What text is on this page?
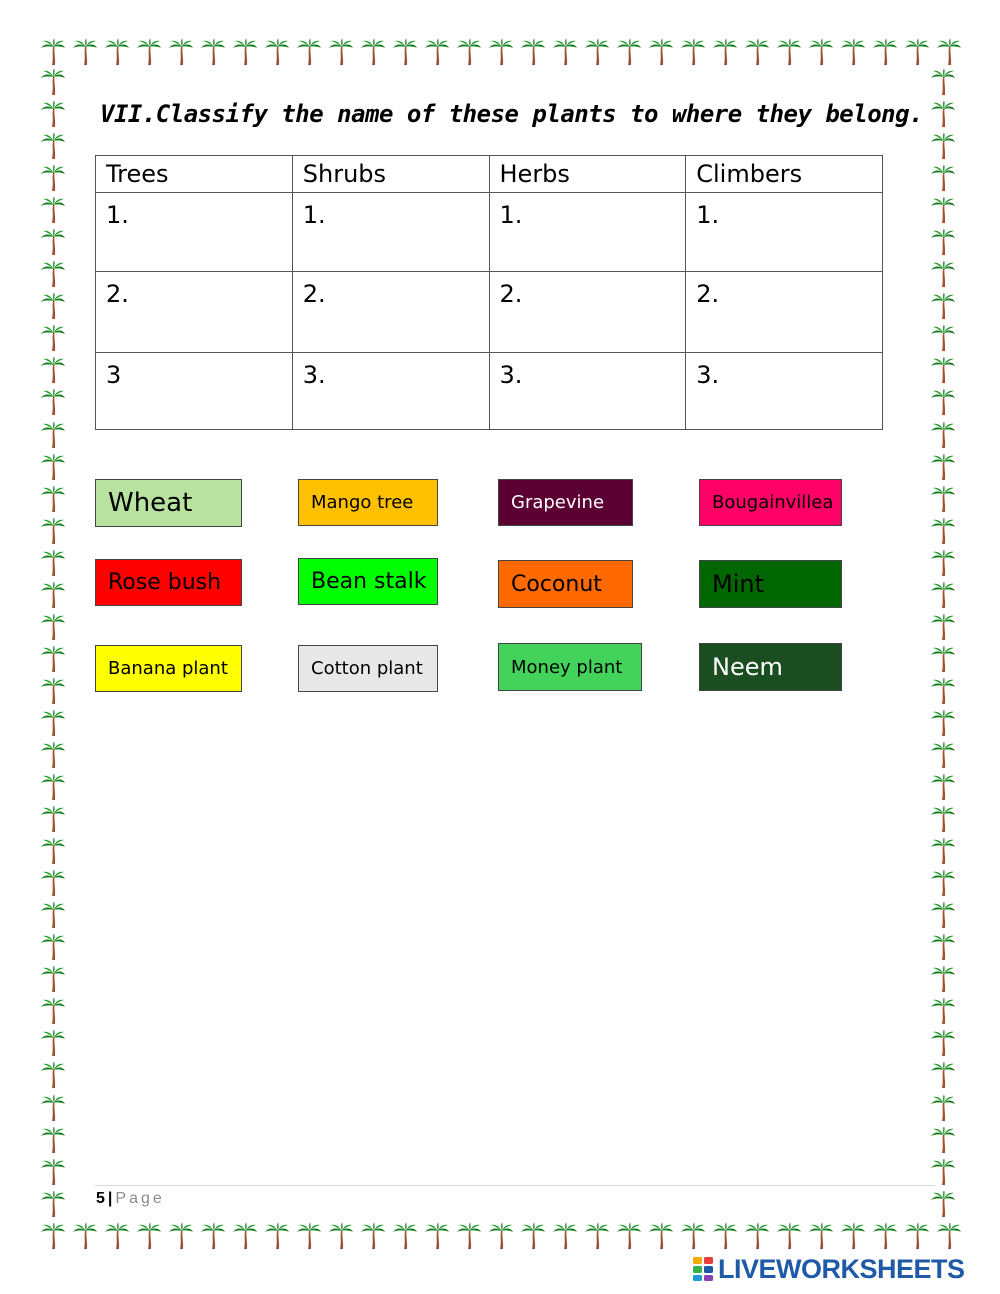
VII.Classify the name of these plants to where they belong.
Trees	Shrubs	Herbs	Climbers
1.	1.	1.	1.
2.	2.	2.	2.
3	3.	3.	3.
Wheat	Mango tree	Grapevine	Bougainvillea
Rose bush	Bean stalk	Coconut	Mint
Banana plant	Cotton plant	Money plant	Neem
5 | Page
LIVEWORKSHEETS
